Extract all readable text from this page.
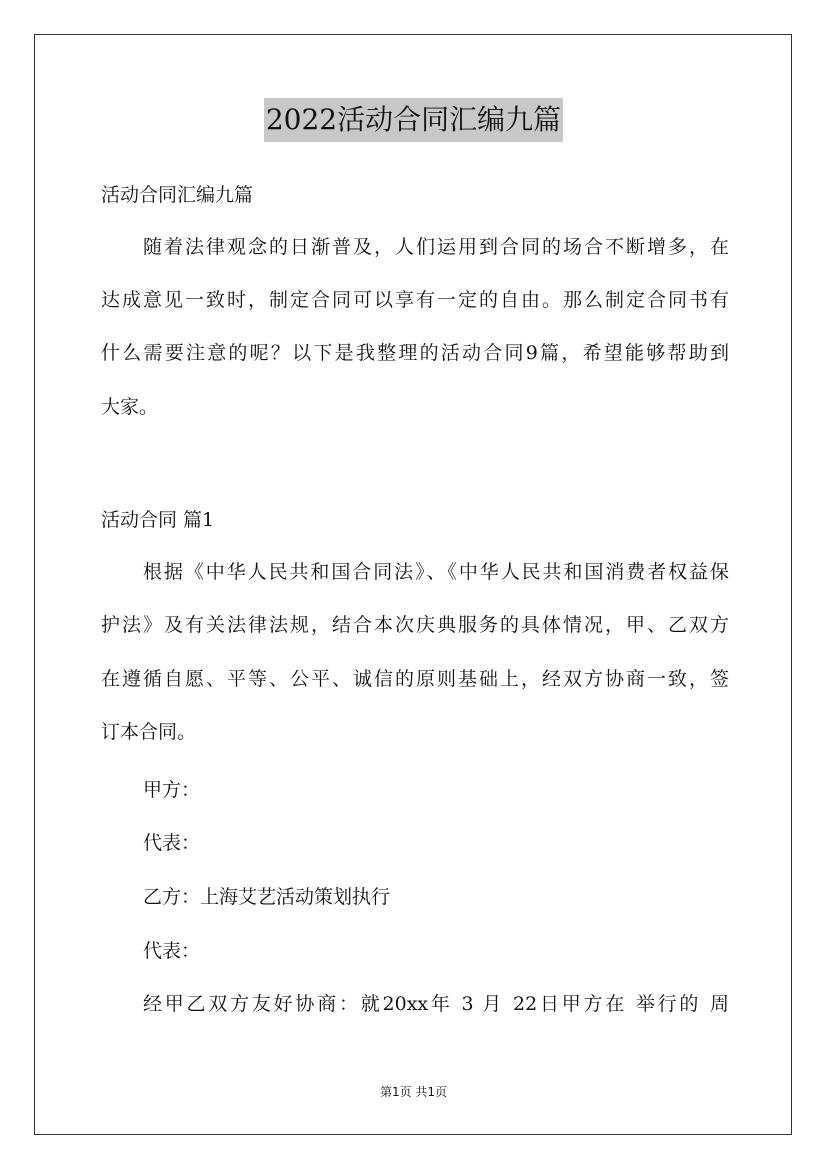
2022活动合同汇编九篇
活动合同汇编九篇
随着法律观念的日渐普及，人们运用到合同的场合不断增多，在
达成意见一致时，制定合同可以享有一定的自由。那么制定合同书有
什么需要注意的呢？以下是我整理的活动合同9篇，希望能够帮助到
大家。
活动合同 篇1
根据《中华人民共和国合同法》、《中华人民共和国消费者权益保
护法》及有关法律法规，结合本次庆典服务的具体情况，甲、乙双方
在遵循自愿、平等、公平、诚信的原则基础上，经双方协商一致，签
订本合同。
甲方：
代表：
乙方：上海艾艺活动策划执行
代表：
经甲乙双方友好协商：就20xx年 3 月 22日甲方在 举行的 周
第1页 共1页
